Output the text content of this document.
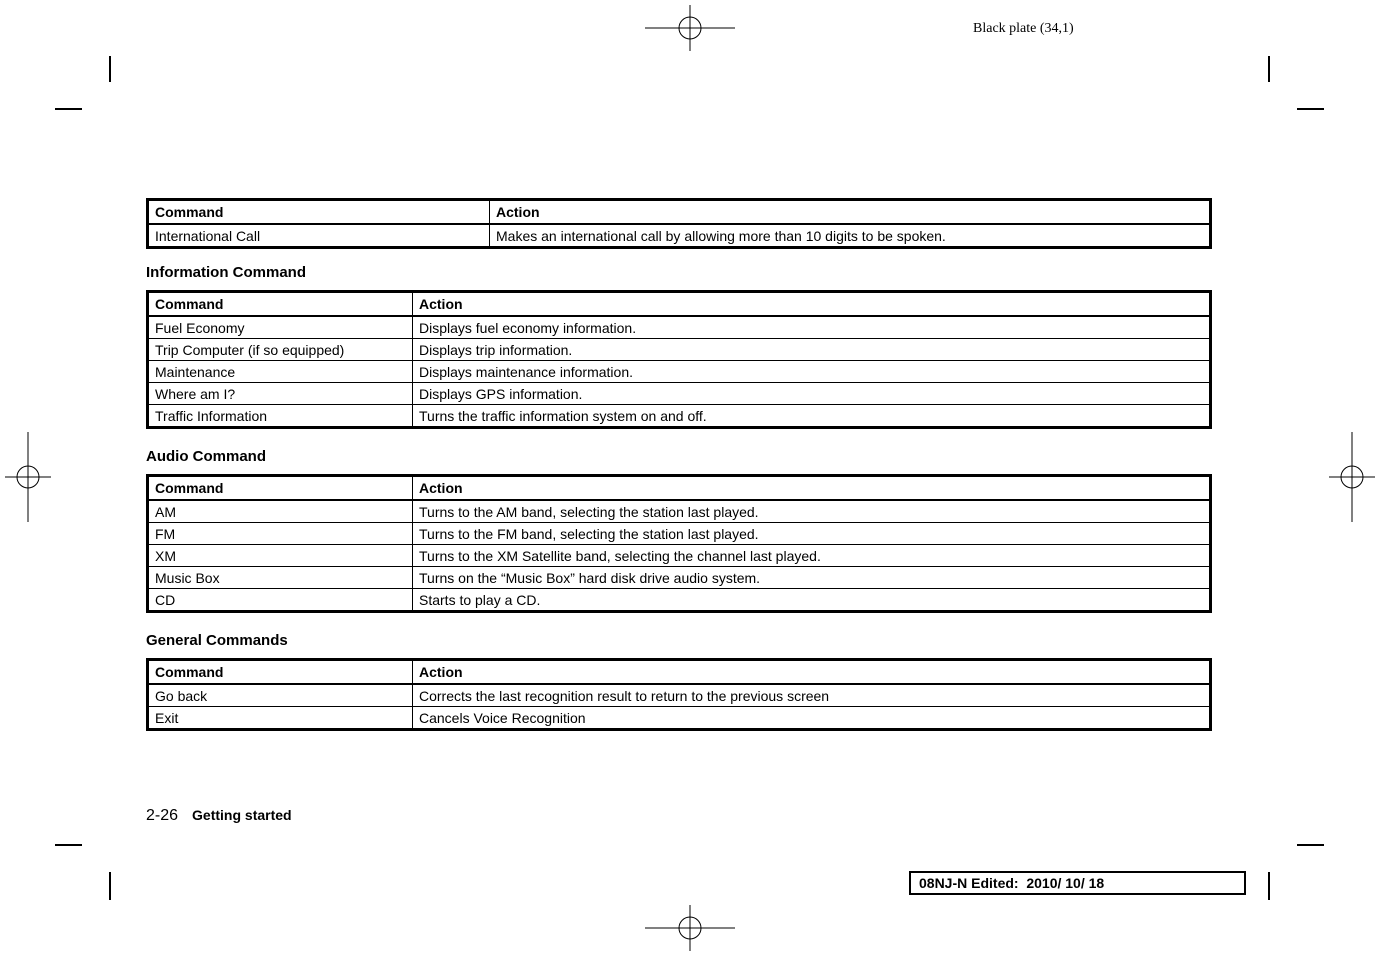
Black plate (34,1)
Command	Action
International Call	Makes an international call by allowing more than 10 digits to be spoken.
Information Command
Command	Action
Fuel Economy	Displays fuel economy information.
Trip Computer (if so equipped)	Displays trip information.
Maintenance	Displays maintenance information.
Where am I?	Displays GPS information.
Traffic Information	Turns the traffic information system on and off.
Audio Command
Command	Action
AM	Turns to the AM band, selecting the station last played.
FM	Turns to the FM band, selecting the station last played.
XM	Turns to the XM Satellite band, selecting the channel last played.
Music Box	Turns on the “Music Box” hard disk drive audio system.
CD	Starts to play a CD.
General Commands
Command	Action
Go back	Corrects the last recognition result to return to the previous screen
Exit	Cancels Voice Recognition
2-26 Getting started
08NJ-N Edited:  2010/ 10/ 18
